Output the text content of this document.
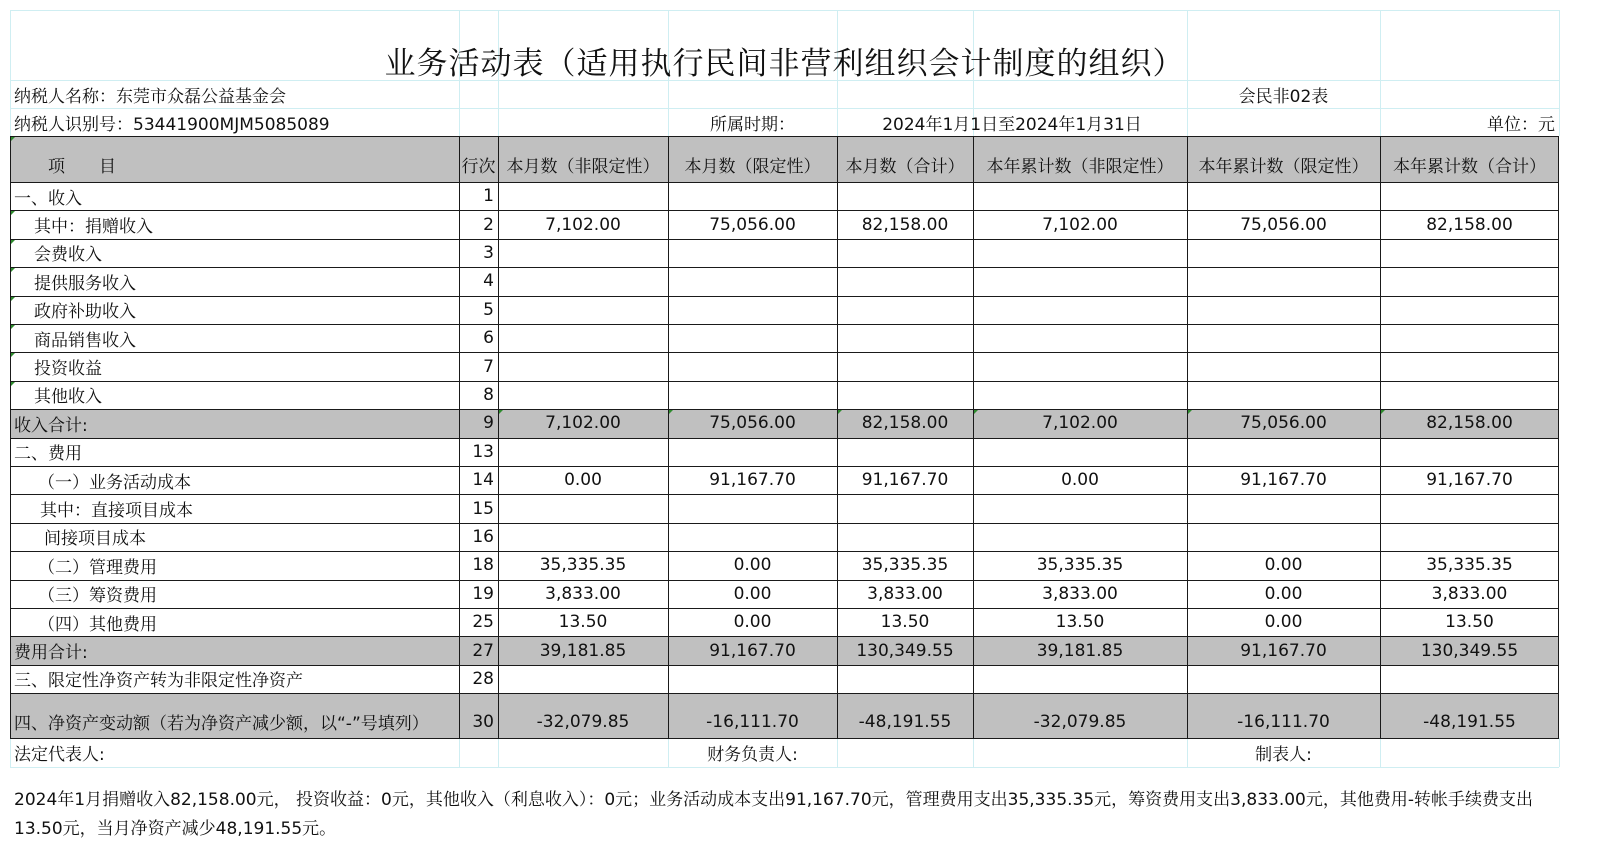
纳税人名称：东莞市众磊公益基金会	会民非02表
纳税人识别号：53441900MJM5085089	所属时期：	2024年1月1日至2024年1月31日	单位：元
项　　目	行次 本月数（非限定性）	本月数（限定性）	本月数（合计）	本年累计数（非限定性）	本年累计数（限定性）	本年累计数（合计）
一、收入	1
其中：捐赠收入	2	7,102.00	75,056.00	82,158.00	7,102.00	75,056.00	82,158.00
会费收入	3
提供服务收入	4
政府补助收入	5
商品销售收入	6
投资收益	7
其他收入	8
收入合计:	9	7,102.00	75,056.00	82,158.00	7,102.00	75,056.00	82,158.00
二、费用	13
（一）业务活动成本	14	0.00	91,167.70	91,167.70	0.00	91,167.70	91,167.70
其中：直接项目成本	15
间接项目成本	16
（二）管理费用	18	35,335.35	0.00	35,335.35	35,335.35	0.00	35,335.35
（三）筹资费用	19	3,833.00	0.00	3,833.00	3,833.00	0.00	3,833.00
（四）其他费用	25	13.50	0.00	13.50	13.50	0.00	13.50
费用合计:	27	39,181.85	91,167.70	130,349.55	39,181.85	91,167.70	130,349.55
三、限定性净资产转为非限定性净资产	28
四、净资产变动额（若为净资产减少额，以“-”号填列）	30	-32,079.85	-16,111.70	-48,191.55	-32,079.85	-16,111.70	-48,191.55
法定代表人:	财务负责人:	制表人:
业务活动表（适用执行民间非营利组织会计制度的组织）
2024年1月捐赠收入82,158.00元， 投资收益：0元，其他收入（利息收入）：0元；业务活动成本支出91,167.70元，管理费用支出35,335.35元，筹资费用支出3,833.00元，其他费用-转帐手续费支出13.50元，当月净资产减少48,191.55元。
